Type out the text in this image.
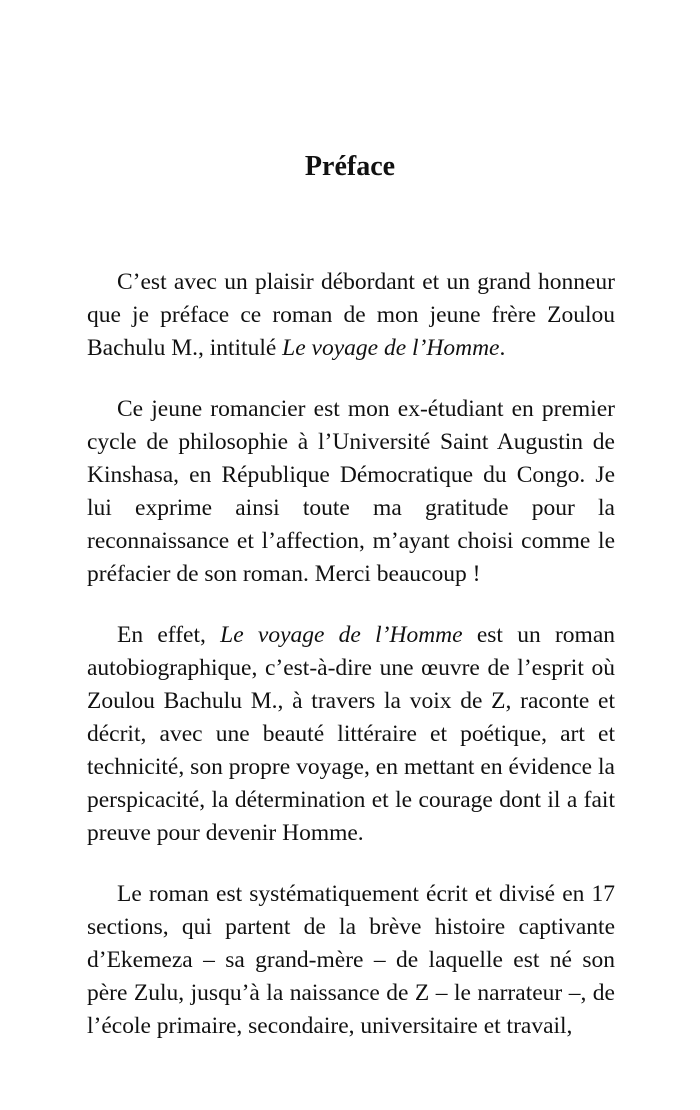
Préface

C’est avec un plaisir débordant et un grand honneur que je préface ce roman de mon jeune frère Zoulou Bachulu M., intitulé Le voyage de l’Homme.

Ce jeune romancier est mon ex-étudiant en premier cycle de philosophie à l’Université Saint Augustin de Kinshasa, en République Démocratique du Congo. Je lui exprime ainsi toute ma gratitude pour la reconnaissance et l’affection, m’ayant choisi comme le préfacier de son roman. Merci beaucoup !

En effet, Le voyage de l’Homme est un roman autobiographique, c’est-à-dire une œuvre de l’esprit où Zoulou Bachulu M., à travers la voix de Z, raconte et décrit, avec une beauté littéraire et poétique, art et technicité, son propre voyage, en mettant en évidence la perspicacité, la détermination et le courage dont il a fait preuve pour devenir Homme.

Le roman est systématiquement écrit et divisé en 17 sections, qui partent de la brève histoire captivante d’Ekemeza – sa grand-mère – de laquelle est né son père Zulu, jusqu’à la naissance de Z – le narrateur –, de l’école primaire, secondaire, universitaire et travail,
